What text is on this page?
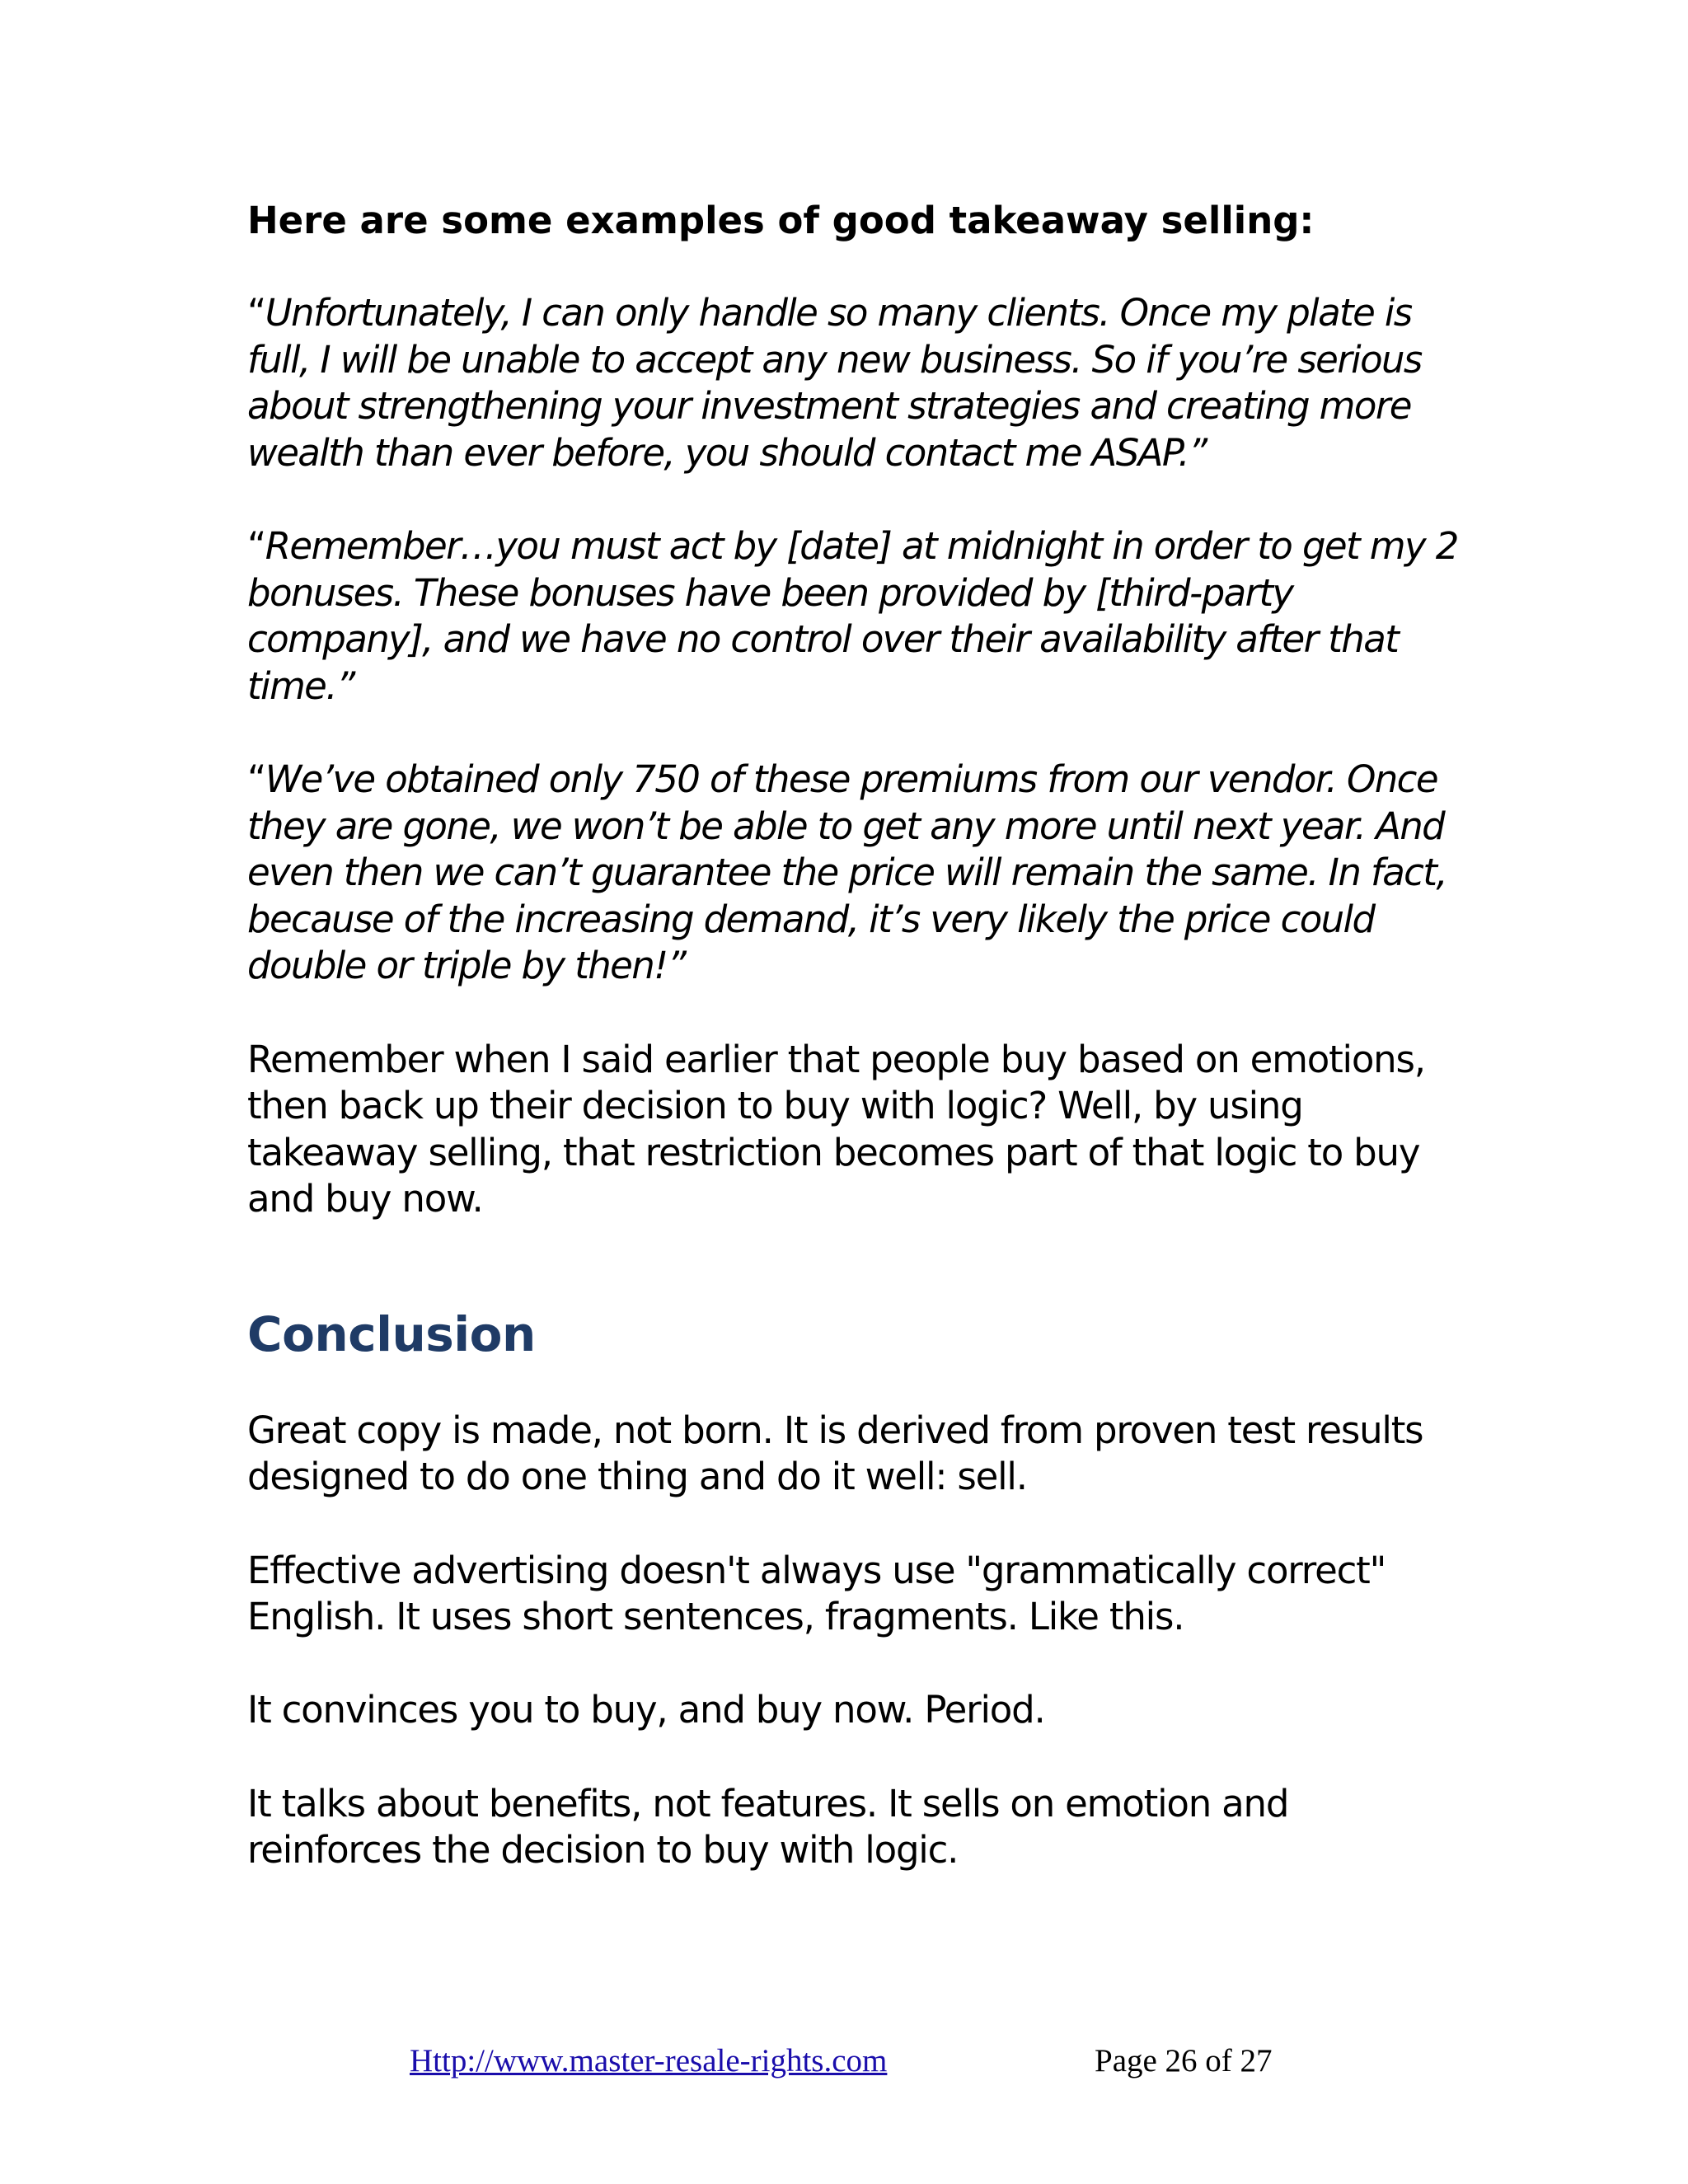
Here are some examples of good takeaway selling:
“Unfortunately, I can only handle so many clients. Once my plate is full, I will be unable to accept any new business. So if you’re serious about strengthening your investment strategies and creating more wealth than ever before, you should contact me ASAP.”
“Remember…you must act by [date] at midnight in order to get my 2 bonuses. These bonuses have been provided by [third-party company], and we have no control over their availability after that time.”
“We’ve obtained only 750 of these premiums from our vendor. Once they are gone, we won’t be able to get any more until next year. And even then we can’t guarantee the price will remain the same. In fact, because of the increasing demand, it’s very likely the price could double or triple by then!”
Remember when I said earlier that people buy based on emotions, then back up their decision to buy with logic? Well, by using takeaway selling, that restriction becomes part of that logic to buy and buy now.
Conclusion
Great copy is made, not born. It is derived from proven test results designed to do one thing and do it well: sell.
Effective advertising doesn't always use "grammatically correct" English. It uses short sentences, fragments. Like this.
It convinces you to buy, and buy now. Period.
It talks about benefits, not features. It sells on emotion and reinforces the decision to buy with logic.
Http://www.master-resale-rights.com	Page 26 of 27
